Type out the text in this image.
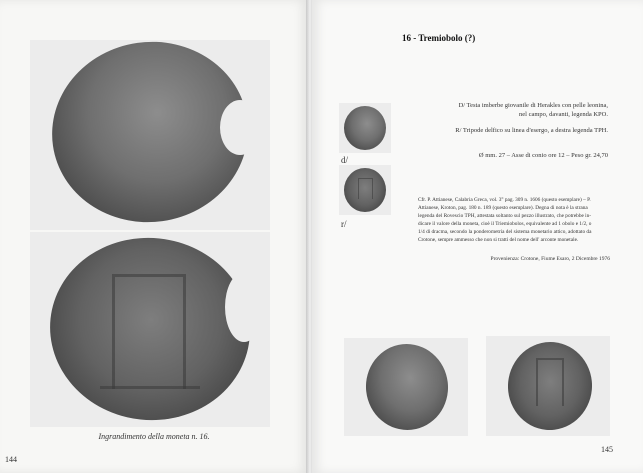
Ingrandimento della moneta n. 16.
144
16 - Tremiobolo (?)
d/
r/
D/ Testa imberbe giovanile di Herakles con pelle leonina,
nel campo, davanti, legenda KPO.
R/ Tripode delfico su linea d'esergo, a destra legenda TPH.
Ø mm. 27 – Asse di conio ore 12 – Peso gr. 24,70
Cfr. P. Attianese, Calabria Greca, vol. 3° pag. 309 n. 1606 (questo esemplare) – P.
Attianese, Kroton, pag. 180 n. 189 (questo esemplare). Degna di nota è la strana
legenda del Rovescio TPH, attestata soltanto sul pezzo illustrato, che potrebbe in-
dicare il valore della moneta, cioè il Triemiobolos, equivalente ad 1 obolo e 1/2, o
1/4 di dracma, secondo la ponderometria del sistema monetario attico, adottato da
Crotone, sempre ammesso che non si tratti del nome dell' arconte monetale.
Provenienza: Crotone, Fiume Esaro, 2 Dicembre 1976
145
